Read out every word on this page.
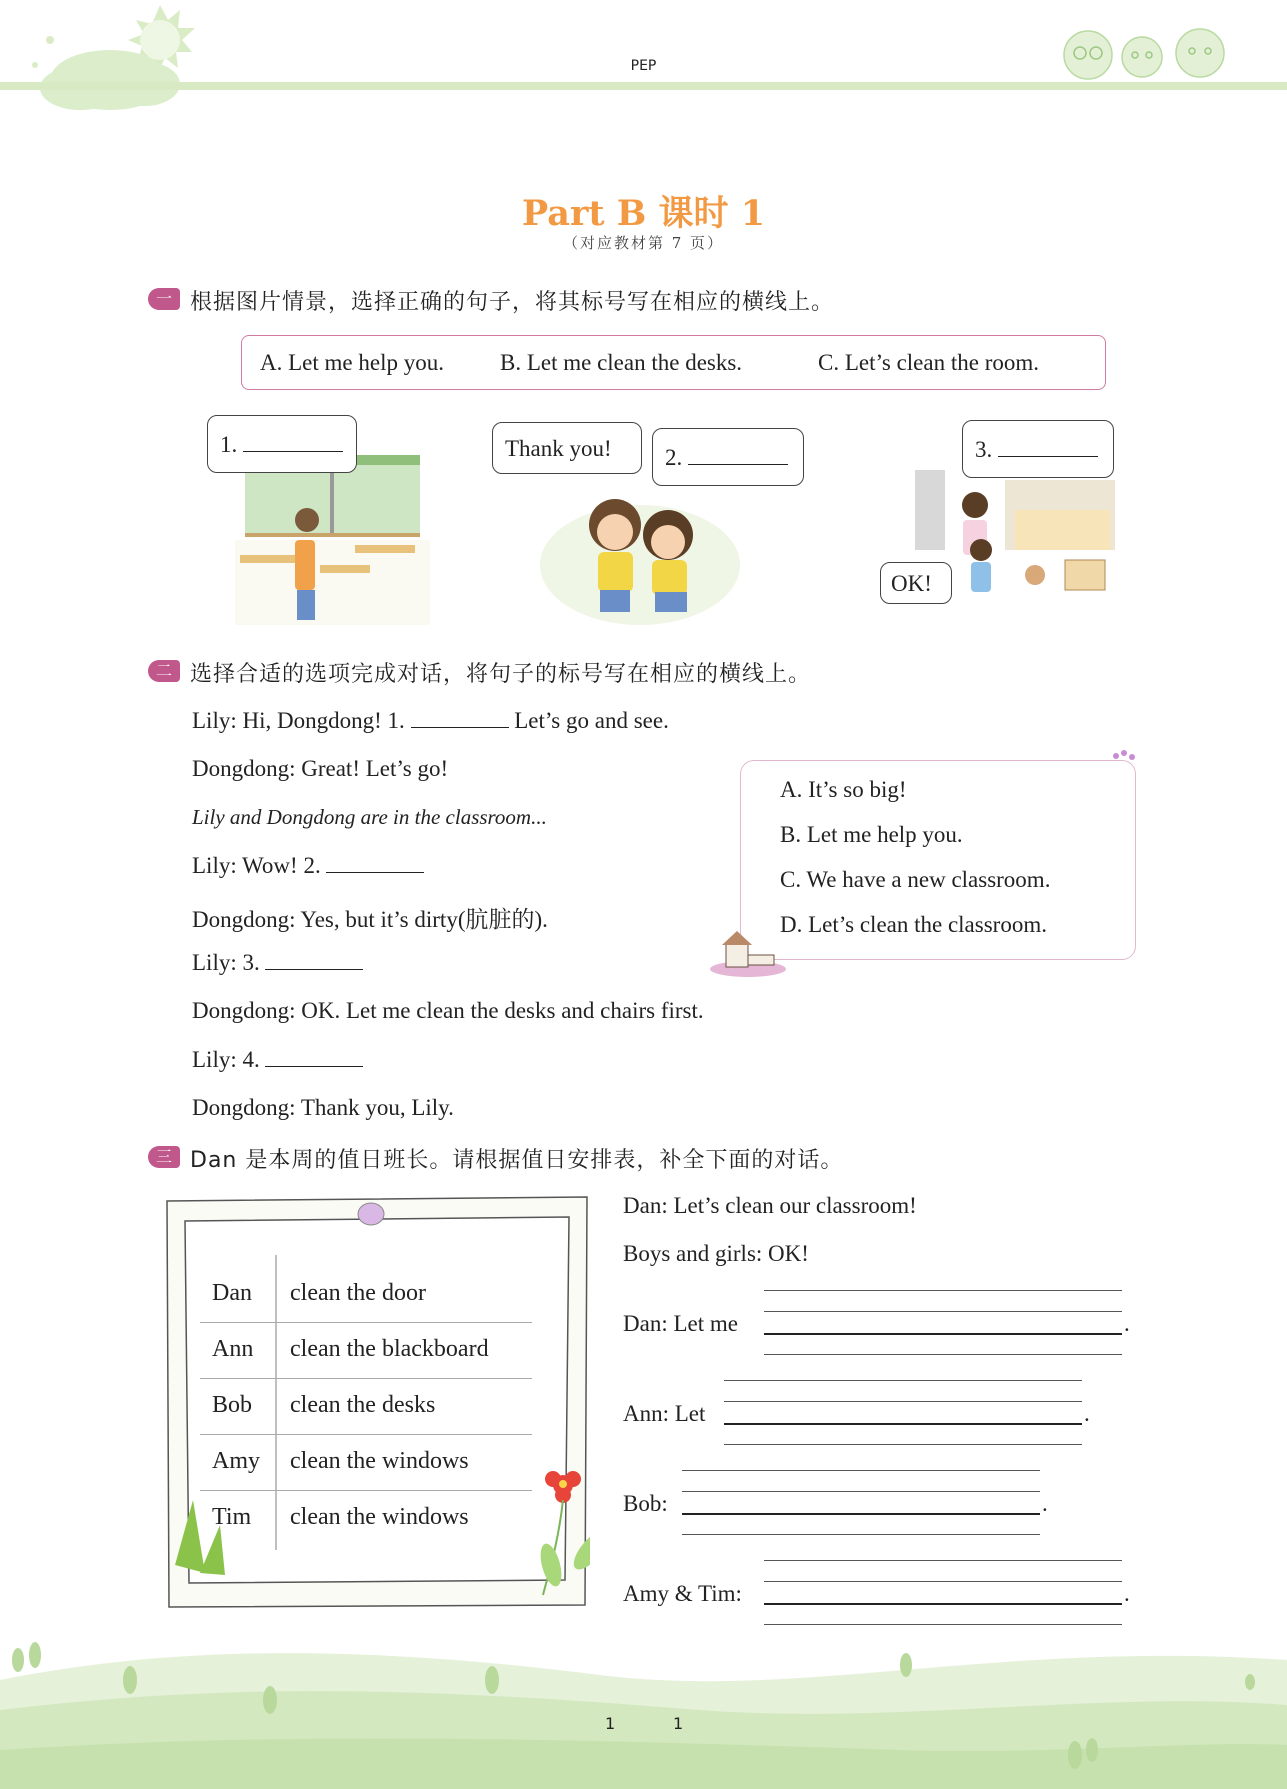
PEP
Part B 课时 1
（对应教材第 7 页）
一 根据图片情景，选择正确的句子，将其标号写在相应的横线上。
A. Let me help you. B. Let me clean the desks.	C. Let’s clean the room.
1.	Thank you!	2.	3.
OK!
二 选择合适的选项完成对话，将句子的标号写在相应的横线上。
Lily: Hi, Dongdong! 1.	Let’s go and see.
Dongdong: Great! Let’s go!
Lily and Dongdong are in the classroom...
Lily: Wow! 2.
Dongdong: Yes, but it’s dirty(肮脏的).
Lily: 3.
Dongdong: OK. Let me clean the desks and chairs first.
Lily: 4.
Dongdong: Thank you, Lily.
A. It’s so big!
B. Let me help you.
C. We have a new classroom.
D. Let’s clean the classroom.
三 Dan 是本周的值日班长。请根据值日安排表，补全下面的对话。
Dan clean the door
Ann clean the blackboard
Bob clean the desks
Amy clean the windows
Tim clean the windows
Dan: Let’s clean our classroom!
Boys and girls: OK!
Dan: Let me	.
Ann: Let	.
Bob:	.
Amy & Tim:	.
1	1
